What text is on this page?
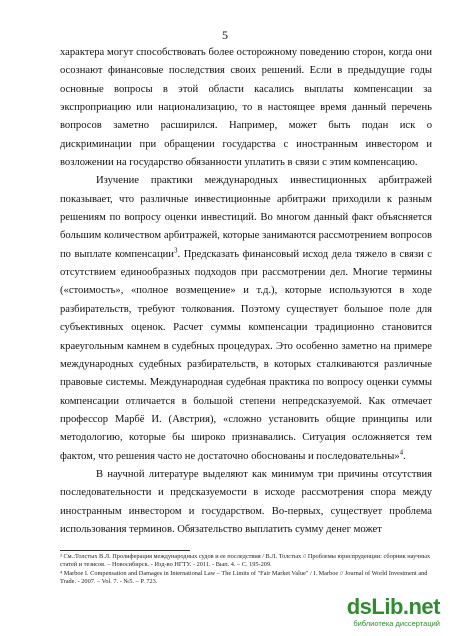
5

характера могут способствовать более осторожному поведению сторон, когда они осознают финансовые последствия своих решений. Если в предыдущие годы основные вопросы в этой области касались выплаты компенсации за экспроприацию или национализацию, то в настоящее время данный перечень вопросов заметно расширился. Например, может быть подан иск о дискриминации при обращении государства с иностранным инвестором и возложении на государство обязанности уплатить в связи с этим компенсацию.

Изучение практики международных инвестиционных арбитражей показывает, что различные инвестиционные арбитражи приходили к разным решениям по вопросу оценки инвестиций. Во многом данный факт объясняется большим количеством арбитражей, которые занимаются рассмотрением вопросов по выплате компенсации$^3$. Предсказать финансовый исход дела тяжело в связи с отсутствием единообразных подходов при рассмотрении дел. Многие термины («стоимость», «полное возмещение» и т.д.), которые используются в ходе разбирательств, требуют толкования. Поэтому существует большое поле для субъективных оценок. Расчет суммы компенсации традиционно становится краеугольным камнем в судебных процедурах. Это особенно заметно на примере международных судебных разбирательств, в которых сталкиваются различные правовые системы. Международная судебная практика по вопросу оценки суммы компенсации отличается в большой степени непредсказуемой. Как отмечает профессор Марбё И. (Австрия), «сложно установить общие принципы или методологию, которые бы широко признавались. Ситуация осложняется тем фактом, что решения часто не достаточно обоснованы и последовательны»$^4$.

В научной литературе выделяют как минимум три причины отсутствия последовательности и предсказуемости в исходе рассмотрения спора между иностранным инвестором и государством. Во-первых, существует проблема использования терминов. Обязательство выплатить сумму денег может

³ См.:Толстых В.Л. Пролиферация международных судов и ее последствия / В.Л. Толстых // Проблемы юриспруденции: сборник научных статей и тезисов. – Новосибирск. - Изд-во НГТУ. - 2011. - Вып. 4. – С. 195-209.

⁴ Marboe I. Compensation and Damages in International Law – The Limits of "Fair Market Value" / I. Marboe // Journal of World Investment and Trade. - 2007. – Vol. 7. - №5. – P. 723.

dsLib.net
библиотека диссертаций
